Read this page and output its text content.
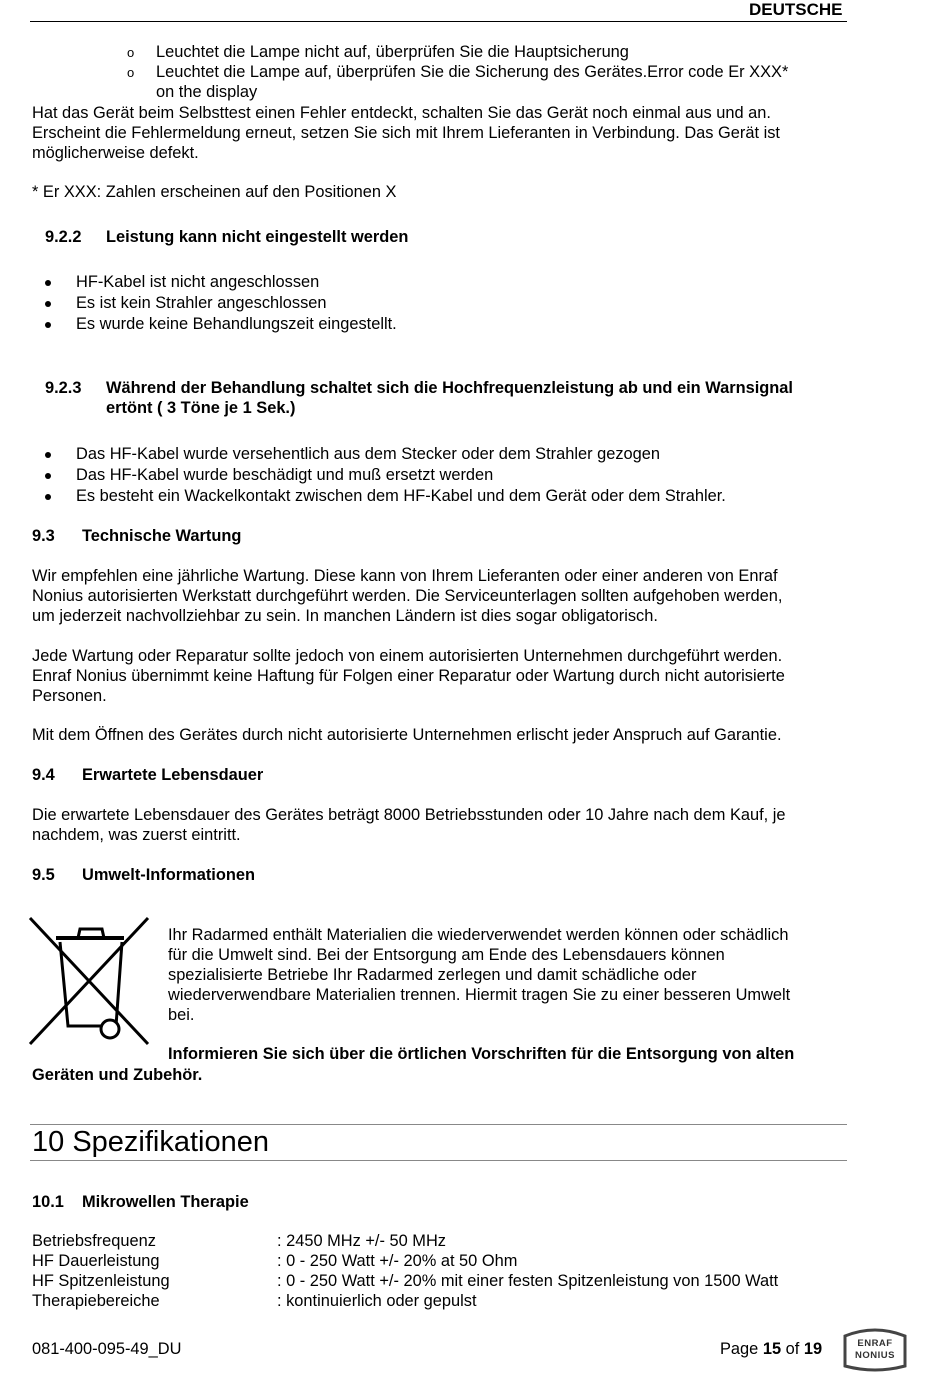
DEUTSCHE
o Leuchtet die Lampe nicht auf, überprüfen Sie die Hauptsicherung
o Leuchtet die Lampe auf, überprüfen Sie die Sicherung des Gerätes.Error code Er XXX*
on the display
Hat das Gerät beim Selbsttest einen Fehler entdeckt, schalten Sie das Gerät noch einmal aus und an.
Erscheint die Fehlermeldung erneut, setzen Sie sich mit Ihrem Lieferanten in Verbindung. Das Gerät ist
möglicherweise defekt.
* Er XXX: Zahlen erscheinen auf den Positionen X
9.2.2 Leistung kann nicht eingestellt werden
HF-Kabel ist nicht angeschlossen
Es ist kein Strahler angeschlossen
Es wurde keine Behandlungszeit eingestellt.
9.2.3 Während der Behandlung schaltet sich die Hochfrequenzleistung ab und ein Warnsignal
ertönt ( 3 Töne je 1 Sek.)
Das HF-Kabel wurde versehentlich aus dem Stecker oder dem Strahler gezogen
Das HF-Kabel wurde beschädigt und muß ersetzt werden
Es besteht ein Wackelkontakt zwischen dem HF-Kabel und dem Gerät oder dem Strahler.
9.3 Technische Wartung
Wir empfehlen eine jährliche Wartung. Diese kann von Ihrem Lieferanten oder einer anderen von Enraf
Nonius autorisierten Werkstatt durchgeführt werden. Die Serviceunterlagen sollten aufgehoben werden,
um jederzeit nachvollziehbar zu sein. In manchen Ländern ist dies sogar obligatorisch.
Jede Wartung oder Reparatur sollte jedoch von einem autorisierten Unternehmen durchgeführt werden.
Enraf Nonius übernimmt keine Haftung für Folgen einer Reparatur oder Wartung durch nicht autorisierte
Personen.
Mit dem Öffnen des Gerätes durch nicht autorisierte Unternehmen erlischt jeder Anspruch auf Garantie.
9.4 Erwartete Lebensdauer
Die erwartete Lebensdauer des Gerätes beträgt 8000 Betriebsstunden oder 10 Jahre nach dem Kauf, je
nachdem, was zuerst eintritt.
9.5 Umwelt-Informationen
Ihr Radarmed enthält Materialien die wiederverwendet werden können oder schädlich
für die Umwelt sind. Bei der Entsorgung am Ende des Lebensdauers können
spezialisierte Betriebe Ihr Radarmed zerlegen und damit schädliche oder
wiederverwendbare Materialien trennen. Hiermit tragen Sie zu einer besseren Umwelt
bei.
Informieren Sie sich über die örtlichen Vorschriften für die Entsorgung von alten
Geräten und Zubehör.
10 Spezifikationen
10.1 Mikrowellen Therapie
Betriebsfrequenz	: 2450 MHz +/- 50 MHz
HF Dauerleistung	: 0 - 250 Watt +/- 20% at 50 Ohm
HF Spitzenleistung	: 0 - 250 Watt +/- 20% mit einer festen Spitzenleistung von 1500 Watt
Therapiebereiche	: kontinuierlich oder gepulst
081-400-095-49_DU	Page 15 of 19	ENRAF
NONIUS
